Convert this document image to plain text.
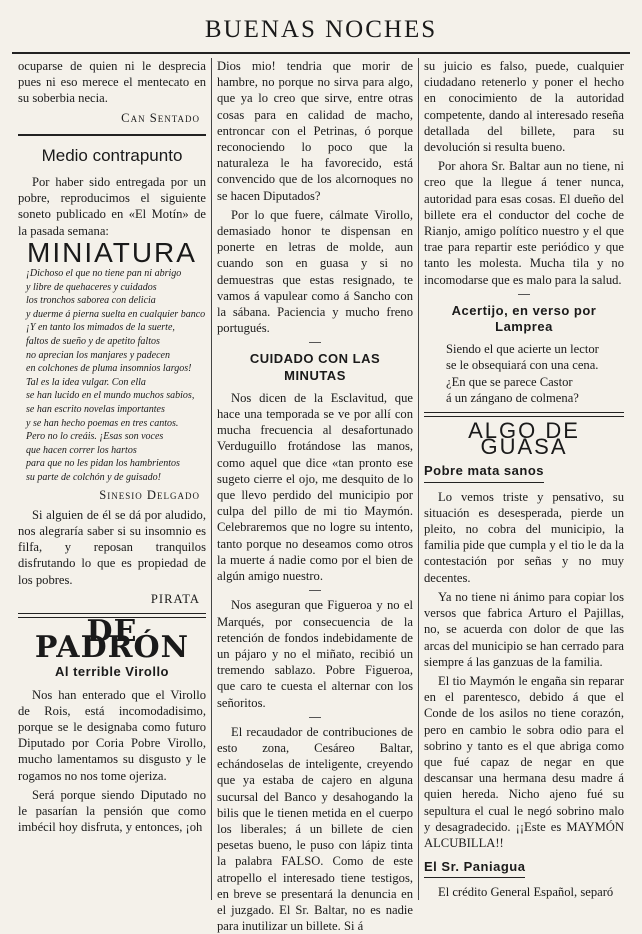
BUENAS NOCHES

ocuparse de quien ni le desprecia pues ni eso merece el mentecato en su soberbia necia.

Can Sentado

Medio contrapunto

Por haber sido entregada por un pobre, reproducimos el siguiente soneto publicado en «El Motín» de la pasada semana:

MINIATURA
¡Dichoso el que no tiene pan ni abrigo
y libre de quehaceres y cuidados
los tronchos saborea con delicia
y duerme á pierna suelta en cualquier banco
¡Y en tanto los mimados de la suerte,
faltos de sueño y de apetito faltos
no aprecian los manjares y padecen
en colchones de pluma insomnios largos!
Tal es la idea vulgar. Con ella
se han lucido en el mundo muchos sabios,
se han escrito novelas importantes
y se han hecho poemas en tres cantos.
Pero no lo creáis. ¡Esas son voces
que hacen correr los hartos
para que no les pidan los hambrientos
su parte de colchón y de guisado!

Sinesio Delgado

Si alguien de él se dá por aludido, nos alegraría saber si su insomnio es filfa, y reposan tranquilos disfrutando lo que es propiedad de los pobres.

PIRATA

DE PADRÓN
Al terrible Virollo

Nos han enterado que el Virollo de Rois, está incomodadisimo, porque se le designaba como futuro Diputado por Coria Pobre Virollo, mucho lamentamos su disgusto y le rogamos no nos tome ojeriza.

Será porque siendo Diputado no le pasarían la pensión que como imbécil hoy disfruta, y entonces, ¡oh

Dios mio! tendria que morir de hambre, no porque no sirva para algo, que ya lo creo que sirve, entre otras cosas para en calidad de macho, entroncar con el Petrinas, ó porque reconociendo lo poco que la naturaleza le ha favorecido, está convencido que de los alcornoques no se hacen Diputados?

Por lo que fuere, cálmate Virollo, demasiado honor te dispensan en ponerte en letras de molde, aun cuando son en guasa y si no demuestras que estas resignado, te vamos á vapulear como á Sancho con la sábana. Paciencia y mucho freno portugués.

CUIDADO CON LAS MINUTAS

Nos dicen de la Esclavitud, que hace una temporada se ve por allí con mucha frecuencia al desafortunado Verduguillo frotándose las manos, como aquel que dice «tan pronto ese sugeto cierre el ojo, me desquito de lo que llevo perdido del municipio por culpa del pillo de mi tio Maymón. Celebraremos que no logre su intento, tanto porque no deseamos como otros la muerte á nadie como por el bien de algún amigo nuestro.

Nos aseguran que Figueroa y no el Marqués, por consecuencia de la retención de fondos indebidamente de un pájaro y no el miñato, recibió un tremendo sablazo. Pobre Figueroa, que caro te cuesta el alternar con los señoritos.

El recaudador de contribuciones de esto zona, Cesáreo Baltar, echándoselas de inteligente, creyendo que ya estaba de cajero en alguna sucursal del Banco y desahogando la bilis que le tienen metida en el cuerpo los liberales; á un billete de cien pesetas bueno, le puso con lápiz tinta la palabra FALSO. Como de este atropello el interesado tiene testigos, en breve se presentará la denuncia en el juzgado. El Sr. Baltar, no es nadie para inutilizar un billete. Si á

su juicio es falso, puede, cualquier ciudadano retenerlo y poner el hecho en conocimiento de la autoridad competente, dando al interesado reseña detallada del billete, para su devolución si resulta bueno.

Por ahora Sr. Baltar aun no tiene, ni creo que la llegue á tener nunca, autoridad para esas cosas. El dueño del billete era el conductor del coche de Rianjo, amigo político nuestro y el que trae para repartir este periódico y que tanto les molesta. Mucha tila y no incomodarse que es malo para la salud.

Acertijo, en verso por Lamprea
Siendo el que acierte un lector
se le obsequiará con una cena.
¿En que se parece Castor
á un zángano de colmena?
ALGO DE GUASA
Pobre mata sanos

Lo vemos triste y pensativo, su situación es desesperada, pierde un pleito, no cobra del municipio, la familia pide que cumpla y el tio le da la contestación por señas y no muy decentes.

Ya no tiene ni ánimo para copiar los versos que fabrica Arturo el Pajillas, no, se acuerda con dolor de que las arcas del municipio se han cerrado para siempre á las ganzuas de la familia.

El tio Maymón le engaña sin reparar en el parentesco, debido á que el Conde de los asilos no tiene corazón, pero en cambio le sobra odio para el sobrino y tanto es el que abriga como que fué capaz de negar en que descansar una hermana desu madre á quien hereda. Nicho ajeno fué su sepultura el cual le negó sobrino malo y desagradecido. ¡¡Este es MAYMÓN ALCUBILLA!!

El Sr. Paniagua

El crédito General Español, separó
